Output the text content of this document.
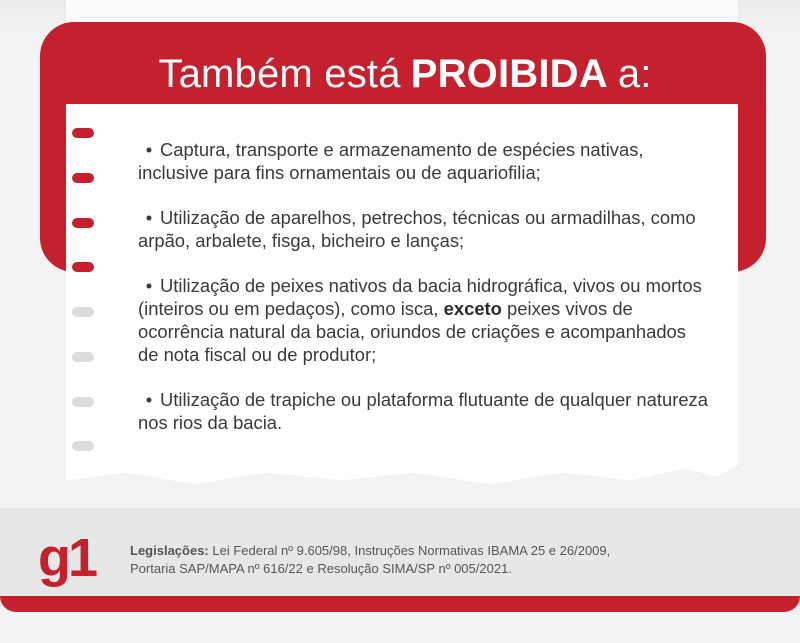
Também está PROIBIDA a:
• Captura, transporte e armazenamento de espécies nativas, inclusive para fins ornamentais ou de aquariofilia;
• Utilização de aparelhos, petrechos, técnicas ou armadilhas, como arpão, arbalete, fisga, bicheiro e lanças;
• Utilização de peixes nativos da bacia hidrográfica, vivos ou mortos (inteiros ou em pedaços), como isca, exceto peixes vivos de ocorrência natural da bacia, oriundos de criações e acompanhados de nota fiscal ou de produtor;
• Utilização de trapiche ou plataforma flutuante de qualquer natureza nos rios da bacia.
g1	Legislações: Lei Federal nº 9.605/98, Instruções Normativas IBAMA 25 e 26/2009,
Portaria SAP/MAPA nº 616/22 e Resolução SIMA/SP nº 005/2021.
